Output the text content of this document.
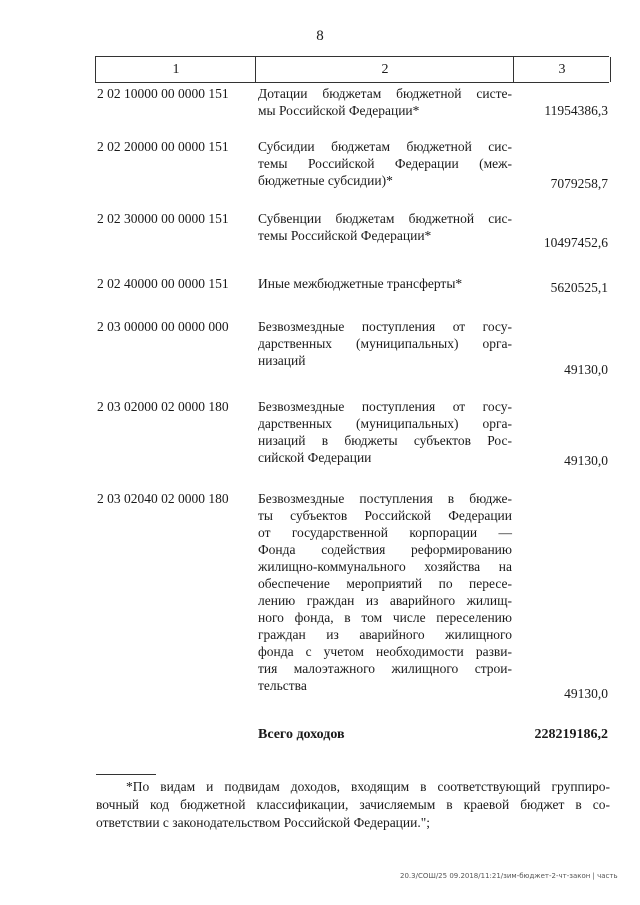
8
1	2	3
2 02 10000 00 0000 151 Дотации бюджетам бюджетной систе-
мы Российской Федерации*	11954386,3
2 02 20000 00 0000 151 Субсидии бюджетам бюджетной сис-
темы Российской Федерации (меж-
бюджетные субсидии)*	7079258,7
2 02 30000 00 0000 151 Субвенции бюджетам бюджетной сис-
темы Российской Федерации*	10497452,6
2 02 40000 00 0000 151 Иные межбюджетные трансферты*	5620525,1
2 03 00000 00 0000 000 Безвозмездные поступления от госу-
дарственных (муниципальных) орга-
низаций
49130,0
2 03 02000 02 0000 180 Безвозмездные поступления от госу-
дарственных (муниципальных) орга-
низаций в бюджеты субъектов Рос-
сийской Федерации	49130,0
2 03 02040 02 0000 180 Безвозмездные поступления в бюдже-
ты субъектов Российской Федерации
от государственной корпорации —
Фонда содействия реформированию
жилищно-коммунального хозяйства на
обеспечение мероприятий по пересе-
лению граждан из аварийного жилищ-
ного фонда, в том числе переселению
граждан из аварийного жилищного
фонда с учетом необходимости разви-
тия малоэтажного жилищного строи-
тельства
49130,0
Всего доходов	228219186,2
*По видам и подвидам доходов, входящим в соответствующий группиро-
вочный код бюджетной классификации, зачисляемым в краевой бюджет в со-
ответствии с законодательством Российской Федерации.";
20.3/СОШ/25 09.2018/11:21/зим-бюджет-2-чт-закон | часть
